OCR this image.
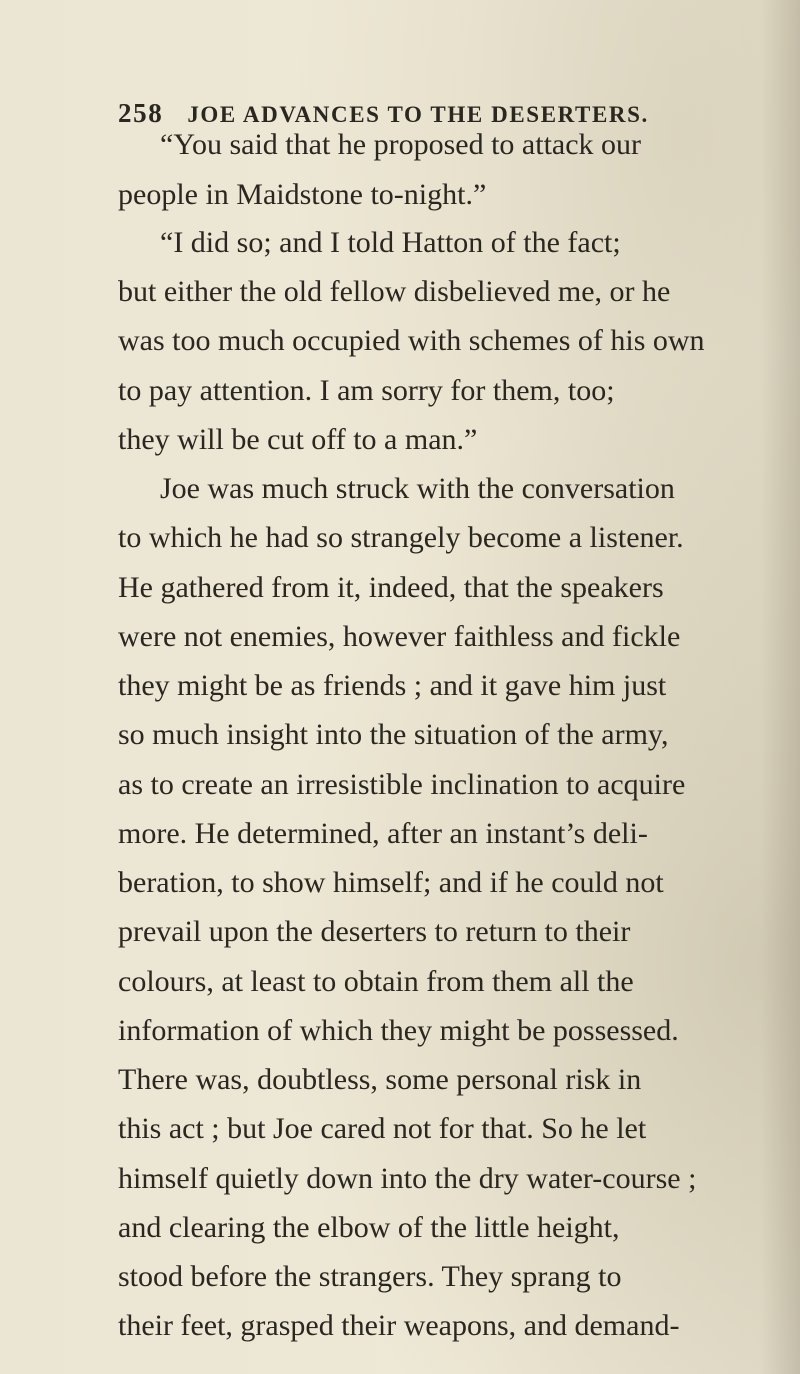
258 JOE ADVANCES TO THE DESERTERS.
“You said that he proposed to attack our
people in Maidstone to-night.”
“I did so; and I told Hatton of the fact;
but either the old fellow disbelieved me, or he
was too much occupied with schemes of his own
to pay attention. I am sorry for them, too;
they will be cut off to a man.”
Joe was much struck with the conversation
to which he had so strangely become a listener.
He gathered from it, indeed, that the speakers
were not enemies, however faithless and fickle
they might be as friends ; and it gave him just
so much insight into the situation of the army,
as to create an irresistible inclination to acquire
more. He determined, after an instant’s deli-
beration, to show himself; and if he could not
prevail upon the deserters to return to their
colours, at least to obtain from them all the
information of which they might be possessed.
There was, doubtless, some personal risk in
this act ; but Joe cared not for that. So he let
himself quietly down into the dry water-course ;
and clearing the elbow of the little height,
stood before the strangers. They sprang to
their feet, grasped their weapons, and demand-
